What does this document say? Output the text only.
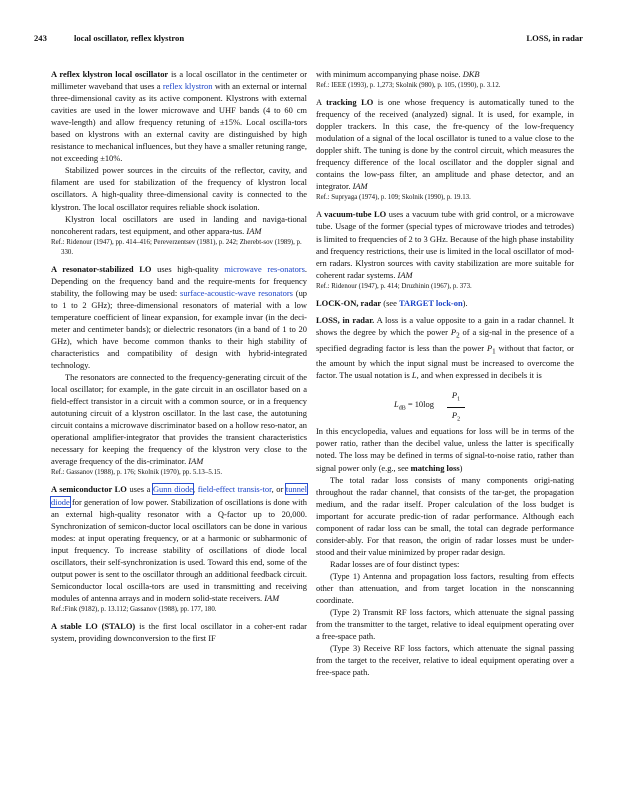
243	local oscillator, reflex klystron	LOSS, in radar

A reflex klystron local oscillator is a local oscillator in the centimeter or millimeter waveband that uses a reflex klystron with an external or internal three-dimensional cavity as its active component. Klystrons with external cavities are used in the lower microwave and UHF bands (4 to 60 cm wave-length) and allow frequency retuning of ±15%. Local oscilla-tors based on klystrons with an external cavity are distinguished by high resistance to mechanical influences, but they have a smaller retuning range, not exceeding ±10%.

Stabilized power sources in the circuits of the reflector, cavity, and filament are used for stabilization of the frequency of klystron local oscillators. A high-quality three-dimensional cavity is connected to the klystron. The local oscillator requires reliable shock isolation.

Klystron local oscillators are used in landing and naviga-tional noncoherent radars, test equipment, and other appara-tus. IAM

Ref.: Ridenour (1947), pp. 414–416; Pereverzentsev (1981), p. 242; Zherebt-sov (1989), p. 330.

A resonator-stabilized LO uses high-quality microwave res-onators. Depending on the frequency band and the require-ments for frequency stability, the following may be used: surface-acoustic-wave resonators (up to 1 to 2 GHz); three-dimensional resonators of material with a low temperature coefficient of linear expansion, for example invar (in the deci-meter and centimeter bands); or dielectric resonators (in a band of 1 to 20 GHz), which have become common thanks to their high stability of characteristics and compatibility of design with hybrid-integrated technology.

The resonators are connected to the frequency-generating circuit of the local oscillator; for example, in the gate circuit in an oscillator based on a field-effect transistor in a circuit with a common source, or in a frequency autotuning circuit of a klystron oscillator. In the last case, the autotuning circuit contains a microwave discriminator based on a hollow reso-nator, an operational amplifier-integrator that provides the transient characteristics necessary for keeping the frequency of the klystron very close to the average frequency of the dis-criminator. IAM

Ref.: Gassanov (1988), p. 176; Skolnik (1970), pp. 5.13–5.15.

A semiconductor LO uses a Gunn diode, field-effect transis-tor, or tunnel diode for generation of low power. Stabilization of oscillations is done with an external high-quality resonator with a Q-factor up to 20,000. Synchronization of semicon-ductor local oscillators can be done in various modes: at input operating frequency, or at a harmonic or subharmonic of input frequency. To increase stability of oscillations of diode local oscillators, their self-synchronization is used. Toward this end, some of the output power is sent to the oscillator through an additional feedback circuit. Semiconductor local oscilla-tors are used in transmitting and receiving modules of antenna arrays and in modern solid-state receivers. IAM

Ref.:Fink (9182), p. 13.112; Gassanov (1988), pp. 177, 180.

A stable LO (STALO) is the first local oscillator in a coher-ent radar system, providing downconversion to the first IF

with minimum accompanying phase noise. DKB

Ref.: IEEE (1993), p. 1,273; Skolnik (980), p. 105, (1990), p. 3.12.

A tracking LO is one whose frequency is automatically tuned to the frequency of the received (analyzed) signal. It is used, for example, in doppler trackers. In this case, the fre-quency of the low-frequency modulation of a signal of the local oscillator is tuned to a value close to the doppler shift. The tuning is done by the control circuit, which measures the frequency difference of the local oscillator and the doppler signal and contains the low-pass filter, an amplitude and phase detector, and an integrator. IAM

Ref.: Supryaga (1974), p. 109; Skolnik (1990), p. 19.13.

A vacuum-tube LO uses a vacuum tube with grid control, or a microwave tube. Usage of the former (special types of microwave triodes and tetrodes) is limited to frequencies of 2 to 3 GHz. Because of the high phase instability and frequency restrictions, their use is limited in the local oscillator of mod-ern radars. Klystron sources with cavity stabilization are more suitable for coherent radar systems. IAM

Ref.: Ridenour (1947), p. 414; Druzhinin (1967), p. 373.

LOCK-ON, radar (see TARGET lock-on).

LOSS, in radar. A loss is a value opposite to a gain in a radar channel. It shows the degree by which the power $P_2$ of a sig-nal in the presence of a specified degrading factor is less than the power $P_1$ without that factor, or the amount by which the input signal must be increased to overcome the factor. The usual notation is L, and when expressed in decibels it is

$L_{dB} = 10\log \frac{P_1}{P_2}$

In this encyclopedia, values and equations for loss will be in terms of the power ratio, rather than the decibel value, unless the latter is specifically noted. The loss may be defined in terms of signal-to-noise ratio, rather than signal power only (e.g., see matching loss)

The total radar loss consists of many components origi-nating throughout the radar channel, that consists of the tar-get, the propagation medium, and the radar itself. Proper calculation of the loss budget is important for accurate predic-tion of radar performance. Although each component of radar loss can be small, the total can degrade performance consider-ably. For that reason, the origin of radar losses must be under-stood and their value minimized by proper radar design.

Radar losses are of four distinct types:

(Type 1) Antenna and propagation loss factors, resulting from effects other than attenuation, and from target location in the nonscanning coordinate.

(Type 2) Transmit RF loss factors, which attenuate the signal passing from the transmitter to the target, relative to ideal equipment operating over a free-space path.

(Type 3) Receive RF loss factors, which attenuate the signal passing from the target to the receiver, relative to ideal equipment operating over a free-space path.
